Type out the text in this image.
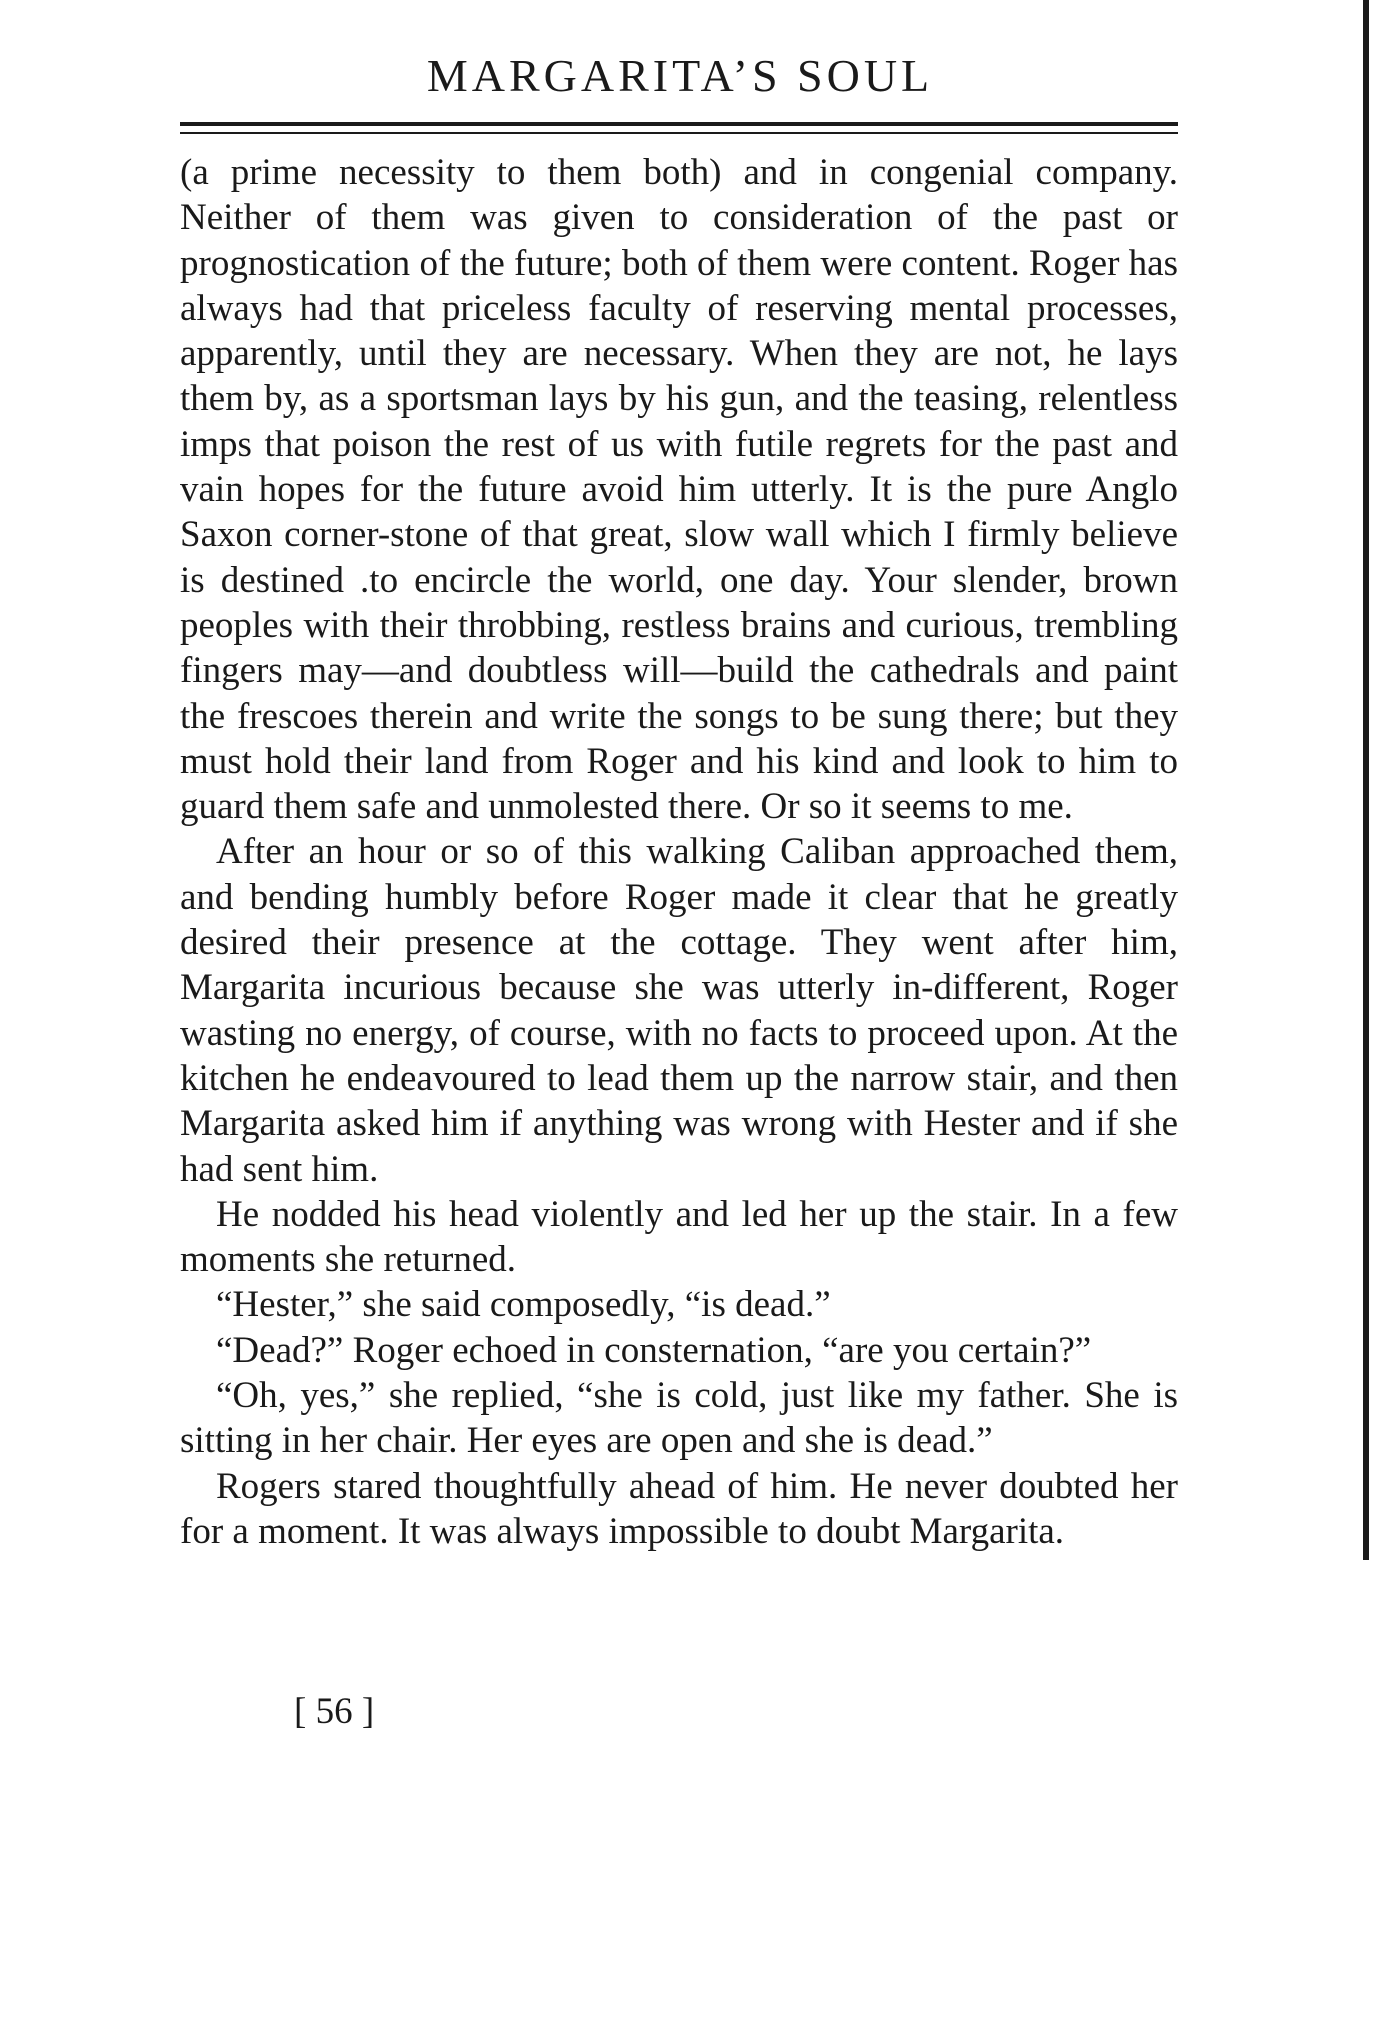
MARGARITA’S SOUL

(a prime necessity to them both) and in congenial company. Neither of them was given to consideration of the past or prognostication of the future; both of them were content. Roger has always had that priceless faculty of reserving mental processes, apparently, until they are necessary. When they are not, he lays them by, as a sportsman lays by his gun, and the teasing, relentless imps that poison the rest of us with futile regrets for the past and vain hopes for the future avoid him utterly. It is the pure Anglo Saxon corner-stone of that great, slow wall which I firmly believe is destined .to encircle the world, one day. Your slender, brown peoples with their throbbing, restless brains and curious, trembling fingers may—and doubtless will—build the cathedrals and paint the frescoes therein and write the songs to be sung there; but they must hold their land from Roger and his kind and look to him to guard them safe and unmolested there. Or so it seems to me.

After an hour or so of this walking Caliban approached them, and bending humbly before Roger made it clear that he greatly desired their presence at the cottage. They went after him, Margarita incurious because she was utterly in-different, Roger wasting no energy, of course, with no facts to proceed upon. At the kitchen he endeavoured to lead them up the narrow stair, and then Margarita asked him if anything was wrong with Hester and if she had sent him.

He nodded his head violently and led her up the stair. In a few moments she returned.

“Hester,” she said composedly, “is dead.”

“Dead?” Roger echoed in consternation, “are you certain?”

“Oh, yes,” she replied, “she is cold, just like my father. She is sitting in her chair. Her eyes are open and she is dead.”

Rogers stared thoughtfully ahead of him. He never doubted her for a moment. It was always impossible to doubt Margarita.

[ 56 ]
